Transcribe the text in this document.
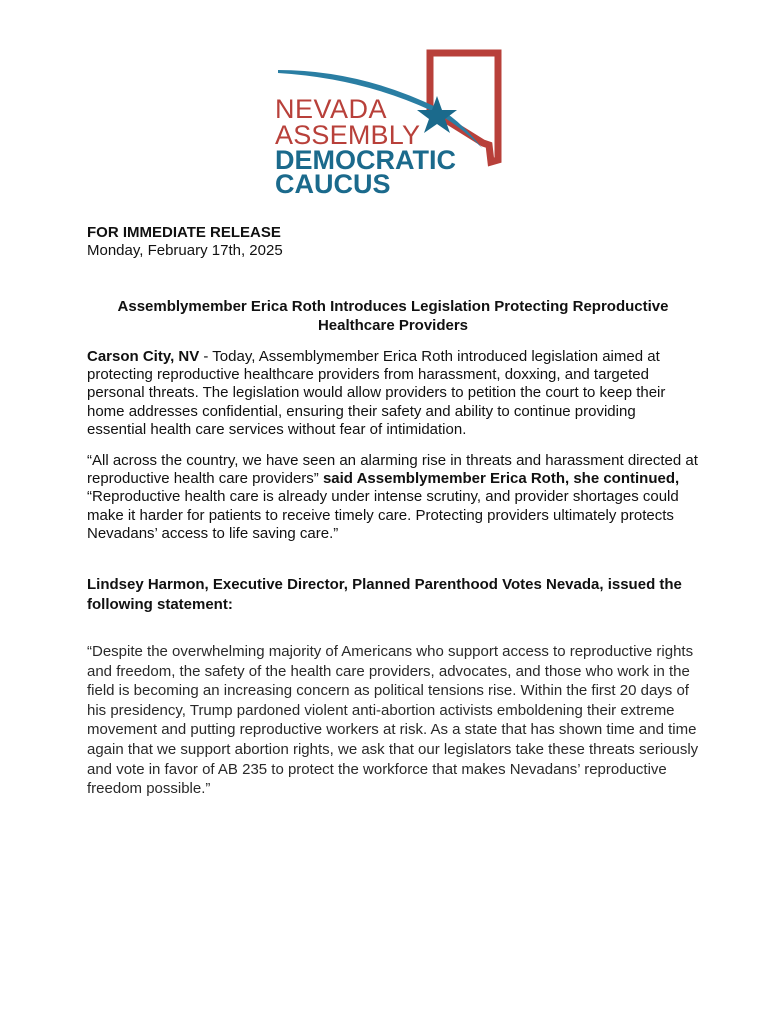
NEVADA
ASSEMBLY
DEMOCRATIC
CAUCUS
FOR IMMEDIATE RELEASE
Monday, February 17th, 2025
Assemblymember Erica Roth Introduces Legislation Protecting Reproductive Healthcare Providers

Carson City, NV - Today, Assemblymember Erica Roth introduced legislation aimed at protecting reproductive healthcare providers from harassment, doxxing, and targeted personal threats. The legislation would allow providers to petition the court to keep their home addresses confidential, ensuring their safety and ability to continue providing essential health care services without fear of intimidation.

“All across the country, we have seen an alarming rise in threats and harassment directed at reproductive health care providers” said Assemblymember Erica Roth, she continued, “Reproductive health care is already under intense scrutiny, and provider shortages could make it harder for patients to receive timely care. Protecting providers ultimately protects Nevadans’ access to life saving care.”

Lindsey Harmon, Executive Director, Planned Parenthood Votes Nevada, issued the following statement:

“Despite the overwhelming majority of Americans who support access to reproductive rights and freedom, the safety of the health care providers, advocates, and those who work in the field is becoming an increasing concern as political tensions rise. Within the first 20 days of his presidency, Trump pardoned violent anti-abortion activists emboldening their extreme movement and putting reproductive workers at risk. As a state that has shown time and time again that we support abortion rights, we ask that our legislators take these threats seriously and vote in favor of AB 235 to protect the workforce that makes Nevadans’ reproductive freedom possible.”
